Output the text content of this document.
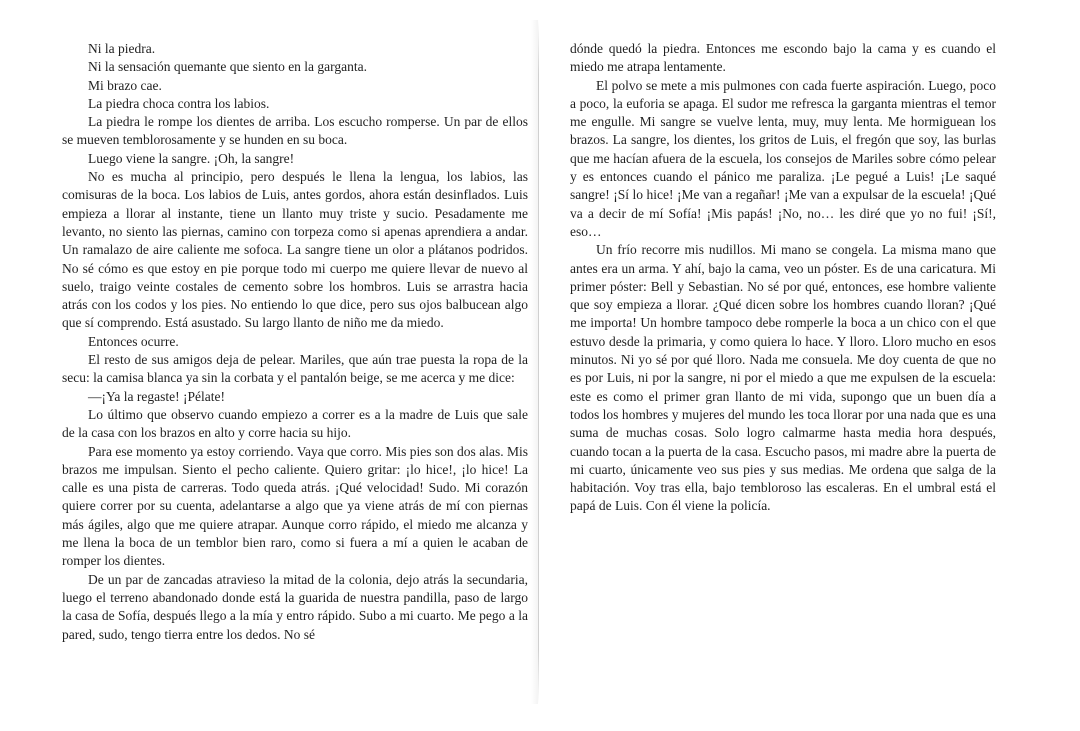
Ni la piedra.

Ni la sensación quemante que siento en la garganta.

Mi brazo cae.

La piedra choca contra los labios.

La piedra le rompe los dientes de arriba. Los escucho romperse. Un par de ellos se mueven temblorosamente y se hunden en su boca.

Luego viene la sangre. ¡Oh, la sangre!

No es mucha al principio, pero después le llena la lengua, los labios, las comisuras de la boca. Los labios de Luis, antes gordos, ahora están desinflados. Luis empieza a llorar al instante, tiene un llanto muy triste y sucio. Pesadamente me levanto, no siento las piernas, camino con torpeza como si apenas aprendiera a andar. Un ramalazo de aire caliente me sofoca. La sangre tiene un olor a plátanos podridos. No sé cómo es que estoy en pie porque todo mi cuerpo me quiere llevar de nuevo al suelo, traigo veinte costales de cemento sobre los hombros. Luis se arrastra hacia atrás con los codos y los pies. No entiendo lo que dice, pero sus ojos balbucean algo que sí comprendo. Está asustado. Su largo llanto de niño me da miedo.

Entonces ocurre.

El resto de sus amigos deja de pelear. Mariles, que aún trae puesta la ropa de la secu: la camisa blanca ya sin la corbata y el pantalón beige, se me acerca y me dice:

—¡Ya la regaste! ¡Pélate!

Lo último que observo cuando empiezo a correr es a la madre de Luis que sale de la casa con los brazos en alto y corre hacia su hijo.

Para ese momento ya estoy corriendo. Vaya que corro. Mis pies son dos alas. Mis brazos me impulsan. Siento el pecho caliente. Quiero gritar: ¡lo hice!, ¡lo hice! La calle es una pista de carreras. Todo queda atrás. ¡Qué velocidad! Sudo. Mi corazón quiere correr por su cuenta, adelantarse a algo que ya viene atrás de mí con piernas más ágiles, algo que me quiere atrapar. Aunque corro rápido, el miedo me alcanza y me llena la boca de un temblor bien raro, como si fuera a mí a quien le acaban de romper los dientes.

De un par de zancadas atravieso la mitad de la colonia, dejo atrás la secundaria, luego el terreno abandonado donde está la guarida de nuestra pandilla, paso de largo la casa de Sofía, después llego a la mía y entro rápido. Subo a mi cuarto. Me pego a la pared, sudo, tengo tierra entre los dedos. No sé

dónde quedó la piedra. Entonces me escondo bajo la cama y es cuando el miedo me atrapa lentamente.

El polvo se mete a mis pulmones con cada fuerte aspiración. Luego, poco a poco, la euforia se apaga. El sudor me refresca la garganta mientras el temor me engulle. Mi sangre se vuelve lenta, muy, muy lenta. Me hormiguean los brazos. La sangre, los dientes, los gritos de Luis, el fregón que soy, las burlas que me hacían afuera de la escuela, los consejos de Mariles sobre cómo pelear y es entonces cuando el pánico me paraliza. ¡Le pegué a Luis! ¡Le saqué sangre! ¡Sí lo hice! ¡Me van a regañar! ¡Me van a expulsar de la escuela! ¡Qué va a decir de mí Sofía! ¡Mis papás! ¡No, no… les diré que yo no fui! ¡Sí!, eso…

Un frío recorre mis nudillos. Mi mano se congela. La misma mano que antes era un arma. Y ahí, bajo la cama, veo un póster. Es de una caricatura. Mi primer póster: Bell y Sebastian. No sé por qué, entonces, ese hombre valiente que soy empieza a llorar. ¿Qué dicen sobre los hombres cuando lloran? ¡Qué me importa! Un hombre tampoco debe romperle la boca a un chico con el que estuvo desde la primaria, y como quiera lo hace. Y lloro. Lloro mucho en esos minutos. Ni yo sé por qué lloro. Nada me consuela. Me doy cuenta de que no es por Luis, ni por la sangre, ni por el miedo a que me expulsen de la escuela: este es como el primer gran llanto de mi vida, supongo que un buen día a todos los hombres y mujeres del mundo les toca llorar por una nada que es una suma de muchas cosas. Solo logro calmarme hasta media hora después, cuando tocan a la puerta de la casa. Escucho pasos, mi madre abre la puerta de mi cuarto, únicamente veo sus pies y sus medias. Me ordena que salga de la habitación. Voy tras ella, bajo tembloroso las escaleras. En el umbral está el papá de Luis. Con él viene la policía.
